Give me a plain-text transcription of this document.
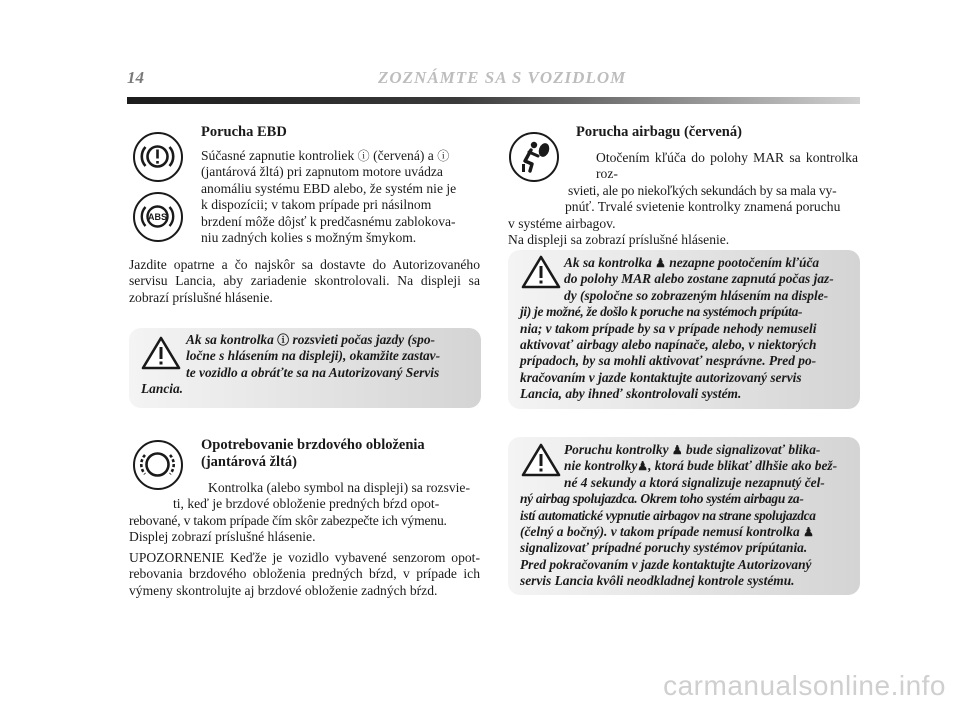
14	ZOZNÁMTE SA S VOZIDLOM
ABS
Porucha EBD
Súčasné zapnutie kontroliek ⓘ (červená) a ⓘ
(jantárová žltá) pri zapnutom motore uvádza
anomáliu systému EBD alebo, že systém nie je
k dispozícii; v takom prípade pri násilnom
brzdení môže dôjsť k predčasnému zablokova-
niu zadných kolies s možným šmykom.
Jazdite opatrne a čo najskôr sa dostavte do Autorizovaného servisu Lancia, aby zariadenie skontrolovali. Na displeji sa zobrazí príslušné hlásenie.
Ak sa kontrolka ⓘ rozsvieti počas jazdy (spo-
ločne s hlásením na displeji), okamžite zastav-
te vozidlo a obráťte sa na Autorizovaný Servis
Lancia.
Opotrebovanie brzdového obloženia
(jantárová žltá)
Kontrolka (alebo symbol na displeji) sa rozsvie-
ti, keď je brzdové obloženie predných bŕzd opot-
rebované, v takom prípade čím skôr zabezpečte ich výmenu.
Displej zobrazí príslušné hlásenie.
UPOZORNENIE Keďže je vozidlo vybavené senzorom opot-rebovania brzdového obloženia predných bŕzd, v prípade ich výmeny skontrolujte aj brzdové obloženie zadných bŕzd.
Porucha airbagu (červená)
Otočením kľúča do polohy MAR sa kontrolka roz-
svieti, ale po niekoľkých sekundách by sa mala vy-
pnúť. Trvalé svietenie kontrolky znamená poruchu
v systéme airbagov.
Na displeji sa zobrazí príslušné hlásenie.
Ak sa kontrolka ♟ nezapne pootočením kľúča
do polohy MAR alebo zostane zapnutá počas jaz-
dy (spoločne so zobrazeným hlásením na disple-
ji) je možné, že došlo k poruche na systémoch prípúta-
nia; v takom prípade by sa v prípade nehody nemuseli
aktivovať airbagy alebo napínače, alebo, v niektorých
prípadoch, by sa mohli aktivovať nesprávne. Pred po-
kračovaním v jazde kontaktujte autorizovaný servis
Lancia, aby ihneď skontrolovali systém.
Poruchu kontrolky ♟ bude signalizovať blika-
nie kontrolky♟, ktorá bude blikať dlhšie ako bež-
né 4 sekundy a ktorá signalizuje nezapnutý čel-
ný airbag spolujazdca. Okrem toho systém airbagu za-
istí automatické vypnutie airbagov na strane spolujazdca
(čelný a bočný). v takom prípade nemusí kontrolka ♟
signalizovať prípadné poruchy systémov prípútania.
Pred pokračovaním v jazde kontaktujte Autorizovaný
servis Lancia kvôli neodkladnej kontrole systému.
carmanualsonline.info
